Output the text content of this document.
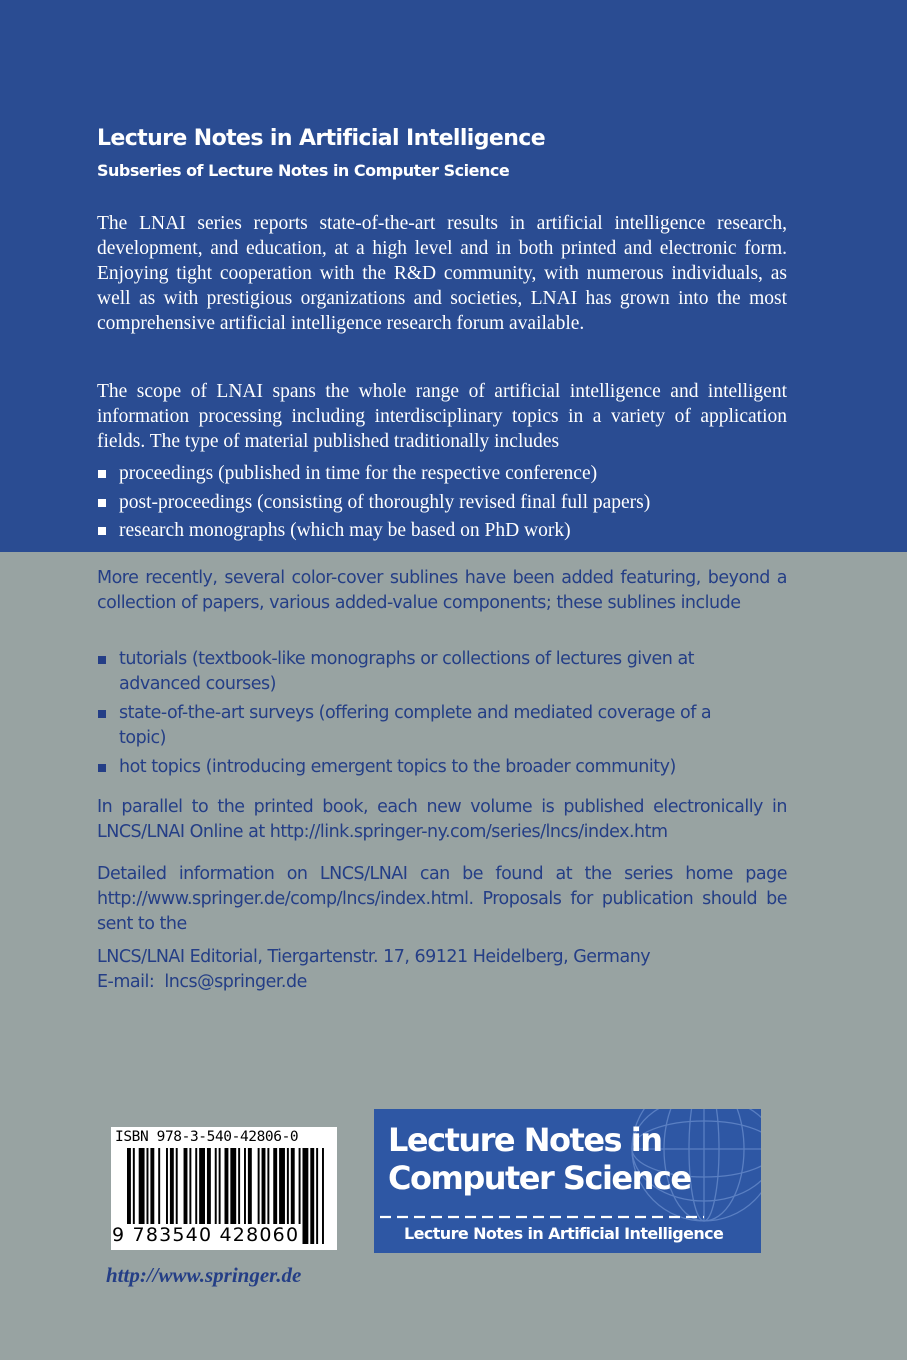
Lecture Notes in Artificial Intelligence
Subseries of Lecture Notes in Computer Science

The LNAI series reports state-of-the-art results in artificial intelligence research, development, and education, at a high level and in both printed and electronic form. Enjoying tight cooperation with the R&D community, with numerous individuals, as well as with prestigious organizations and societies, LNAI has grown into the most comprehensive artificial intelligence research forum available.

The scope of LNAI spans the whole range of artificial intelligence and intelligent information processing including interdisciplinary topics in a variety of application fields. The type of material published traditionally includes

proceedings (published in time for the respective conference)
post-proceedings (consisting of thoroughly revised final full papers)
research monographs (which may be based on PhD work)

More recently, several color-cover sublines have been added featuring, beyond a collection of papers, various added-value components; these sublines include

tutorials (textbook-like monographs or collections of lectures given at advanced courses)
state-of-the-art surveys (offering complete and mediated coverage of a topic)
hot topics (introducing emergent topics to the broader community)

In parallel to the printed book, each new volume is published electronically in LNCS/LNAI Online at http://link.springer-ny.com/series/lncs/index.htm

Detailed information on LNCS/LNAI can be found at the series home page http://www.springer.de/comp/lncs/index.html. Proposals for publication should be sent to the

LNCS/LNAI Editorial, Tiergartenstr. 17, 69121 Heidelberg, Germany

E-mail: lncs@springer.de

ISBN 978-3-540-42806-0
9 783540 428060
http://www.springer.de
Lecture Notes in
Computer Science
Lecture Notes in Artificial Intelligence
